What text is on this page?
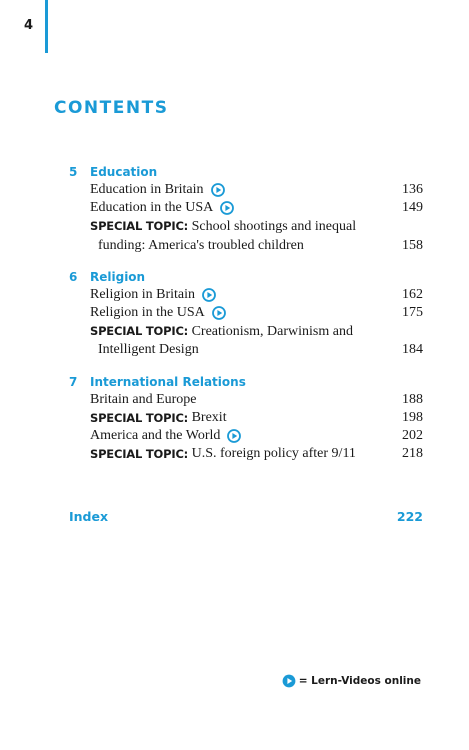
4
CONTENTS
5	Education
Education in Britain	136
Education in the USA	149
SPECIAL TOPIC: School shootings and inequal
funding: America's troubled children	158
6	Religion
Religion in Britain	162
Religion in the USA	175
SPECIAL TOPIC: Creationism, Darwinism and
Intelligent Design	184
7	International Relations
Britain and Europe	188
SPECIAL TOPIC:
Brexit	198
America and the World	202
SPECIAL TOPIC:
U.S. foreign policy after 9/11	218
Index	222
= Lern-Videos online
